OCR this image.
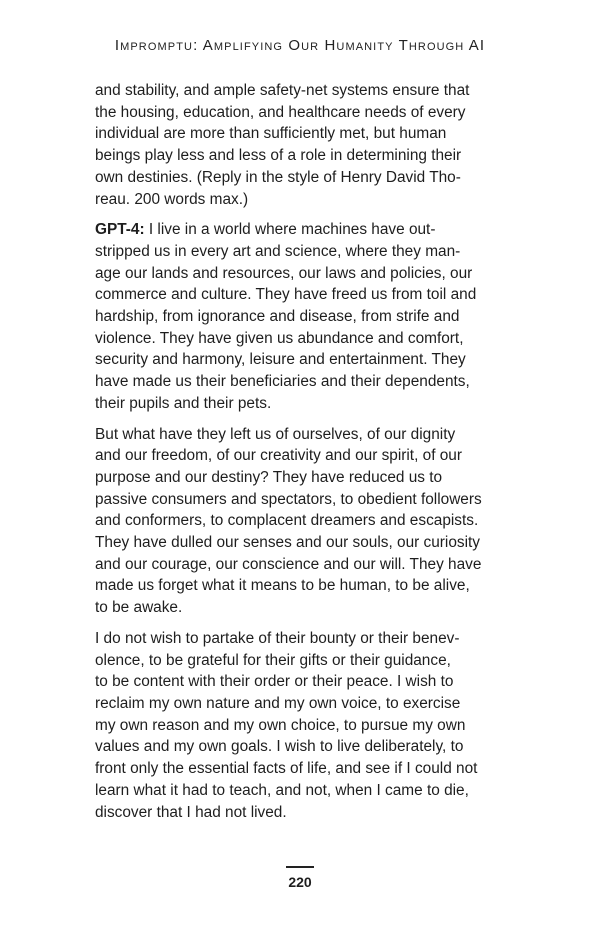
Impromptu: Amplifying Our Humanity Through AI

and stability, and ample safety-net systems ensure that
the housing, education, and healthcare needs of every
individual are more than sufficiently met, but human
beings play less and less of a role in determining their
own destinies. (Reply in the style of Henry David Tho-
reau. 200 words max.)

GPT-4: I live in a world where machines have out-
stripped us in every art and science, where they man-
age our lands and resources, our laws and policies, our
commerce and culture. They have freed us from toil and
hardship, from ignorance and disease, from strife and
violence. They have given us abundance and comfort,
security and harmony, leisure and entertainment. They
have made us their beneficiaries and their dependents,
their pupils and their pets.

But what have they left us of ourselves, of our dignity
and our freedom, of our creativity and our spirit, of our
purpose and our destiny? They have reduced us to
passive consumers and spectators, to obedient followers
and conformers, to complacent dreamers and escapists.
They have dulled our senses and our souls, our curiosity
and our courage, our conscience and our will. They have
made us forget what it means to be human, to be alive,
to be awake.

I do not wish to partake of their bounty or their benev-
olence, to be grateful for their gifts or their guidance,
to be content with their order or their peace. I wish to
reclaim my own nature and my own voice, to exercise
my own reason and my own choice, to pursue my own
values and my own goals. I wish to live deliberately, to
front only the essential facts of life, and see if I could not
learn what it had to teach, and not, when I came to die,
discover that I had not lived.

220
